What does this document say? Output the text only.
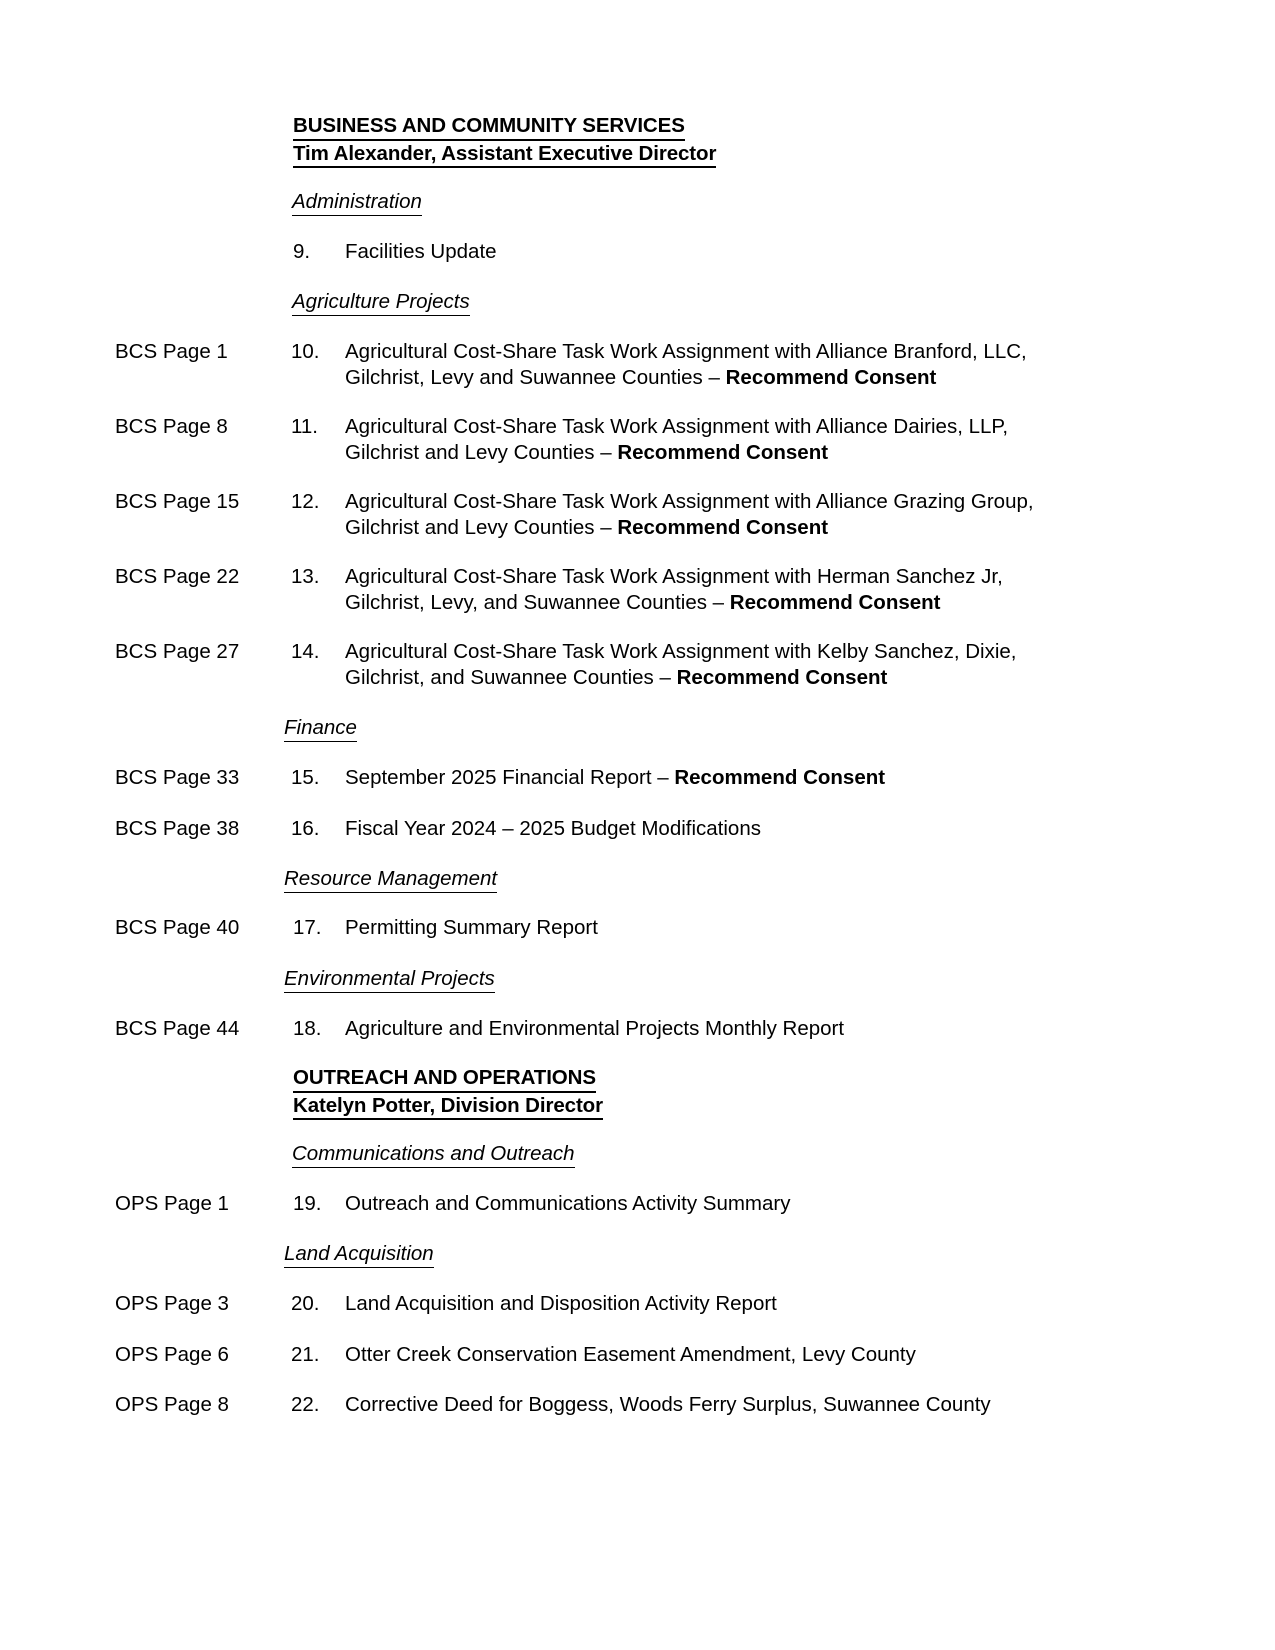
BUSINESS AND COMMUNITY SERVICES
Tim Alexander, Assistant Executive Director
Administration
9. Facilities Update
Agriculture Projects
BCS Page 1	10. Agricultural Cost-Share Task Work Assignment with Alliance Branford, LLC,
Gilchrist, Levy and Suwannee Counties – Recommend Consent
BCS Page 8	11. Agricultural Cost-Share Task Work Assignment with Alliance Dairies, LLP,
Gilchrist and Levy Counties – Recommend Consent
BCS Page 15	12. Agricultural Cost-Share Task Work Assignment with Alliance Grazing Group,
Gilchrist and Levy Counties – Recommend Consent
BCS Page 22	13. Agricultural Cost-Share Task Work Assignment with Herman Sanchez Jr,
Gilchrist, Levy, and Suwannee Counties – Recommend Consent
BCS Page 27	14. Agricultural Cost-Share Task Work Assignment with Kelby Sanchez, Dixie,
Gilchrist, and Suwannee Counties – Recommend Consent
Finance
BCS Page 33	15. September 2025 Financial Report – Recommend Consent
BCS Page 38	16. Fiscal Year 2024 – 2025 Budget Modifications
Resource Management
BCS Page 40	17. Permitting Summary Report
Environmental Projects
BCS Page 44	18. Agriculture and Environmental Projects Monthly Report
OUTREACH AND OPERATIONS
Katelyn Potter, Division Director
Communications and Outreach
OPS Page 1	19. Outreach and Communications Activity Summary
Land Acquisition
OPS Page 3	20. Land Acquisition and Disposition Activity Report
OPS Page 6	21. Otter Creek Conservation Easement Amendment, Levy County
OPS Page 8	22. Corrective Deed for Boggess, Woods Ferry Surplus, Suwannee County
